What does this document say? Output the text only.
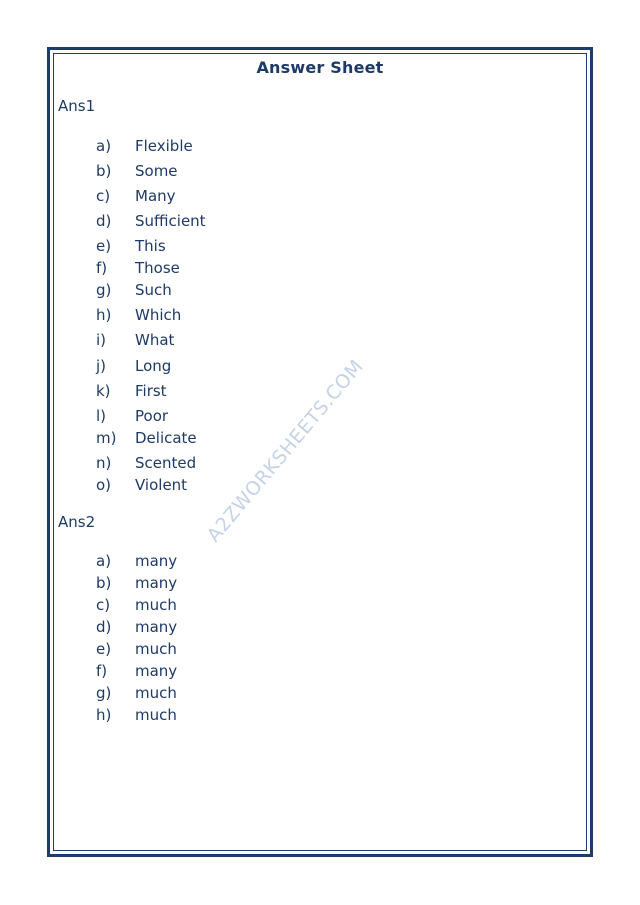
Answer Sheet
A2ZWORKSHEETS.COM
Ans1
a) Flexible
b) Some
c) Many
d) Sufficient
e) This
f) Those
g) Such
h) Which
i) What
j) Long
k) First
l) Poor
m) Delicate
n) Scented
o) Violent
Ans2
a) many
b) many
c) much
d) many
e) much
f) many
g) much
h) much
